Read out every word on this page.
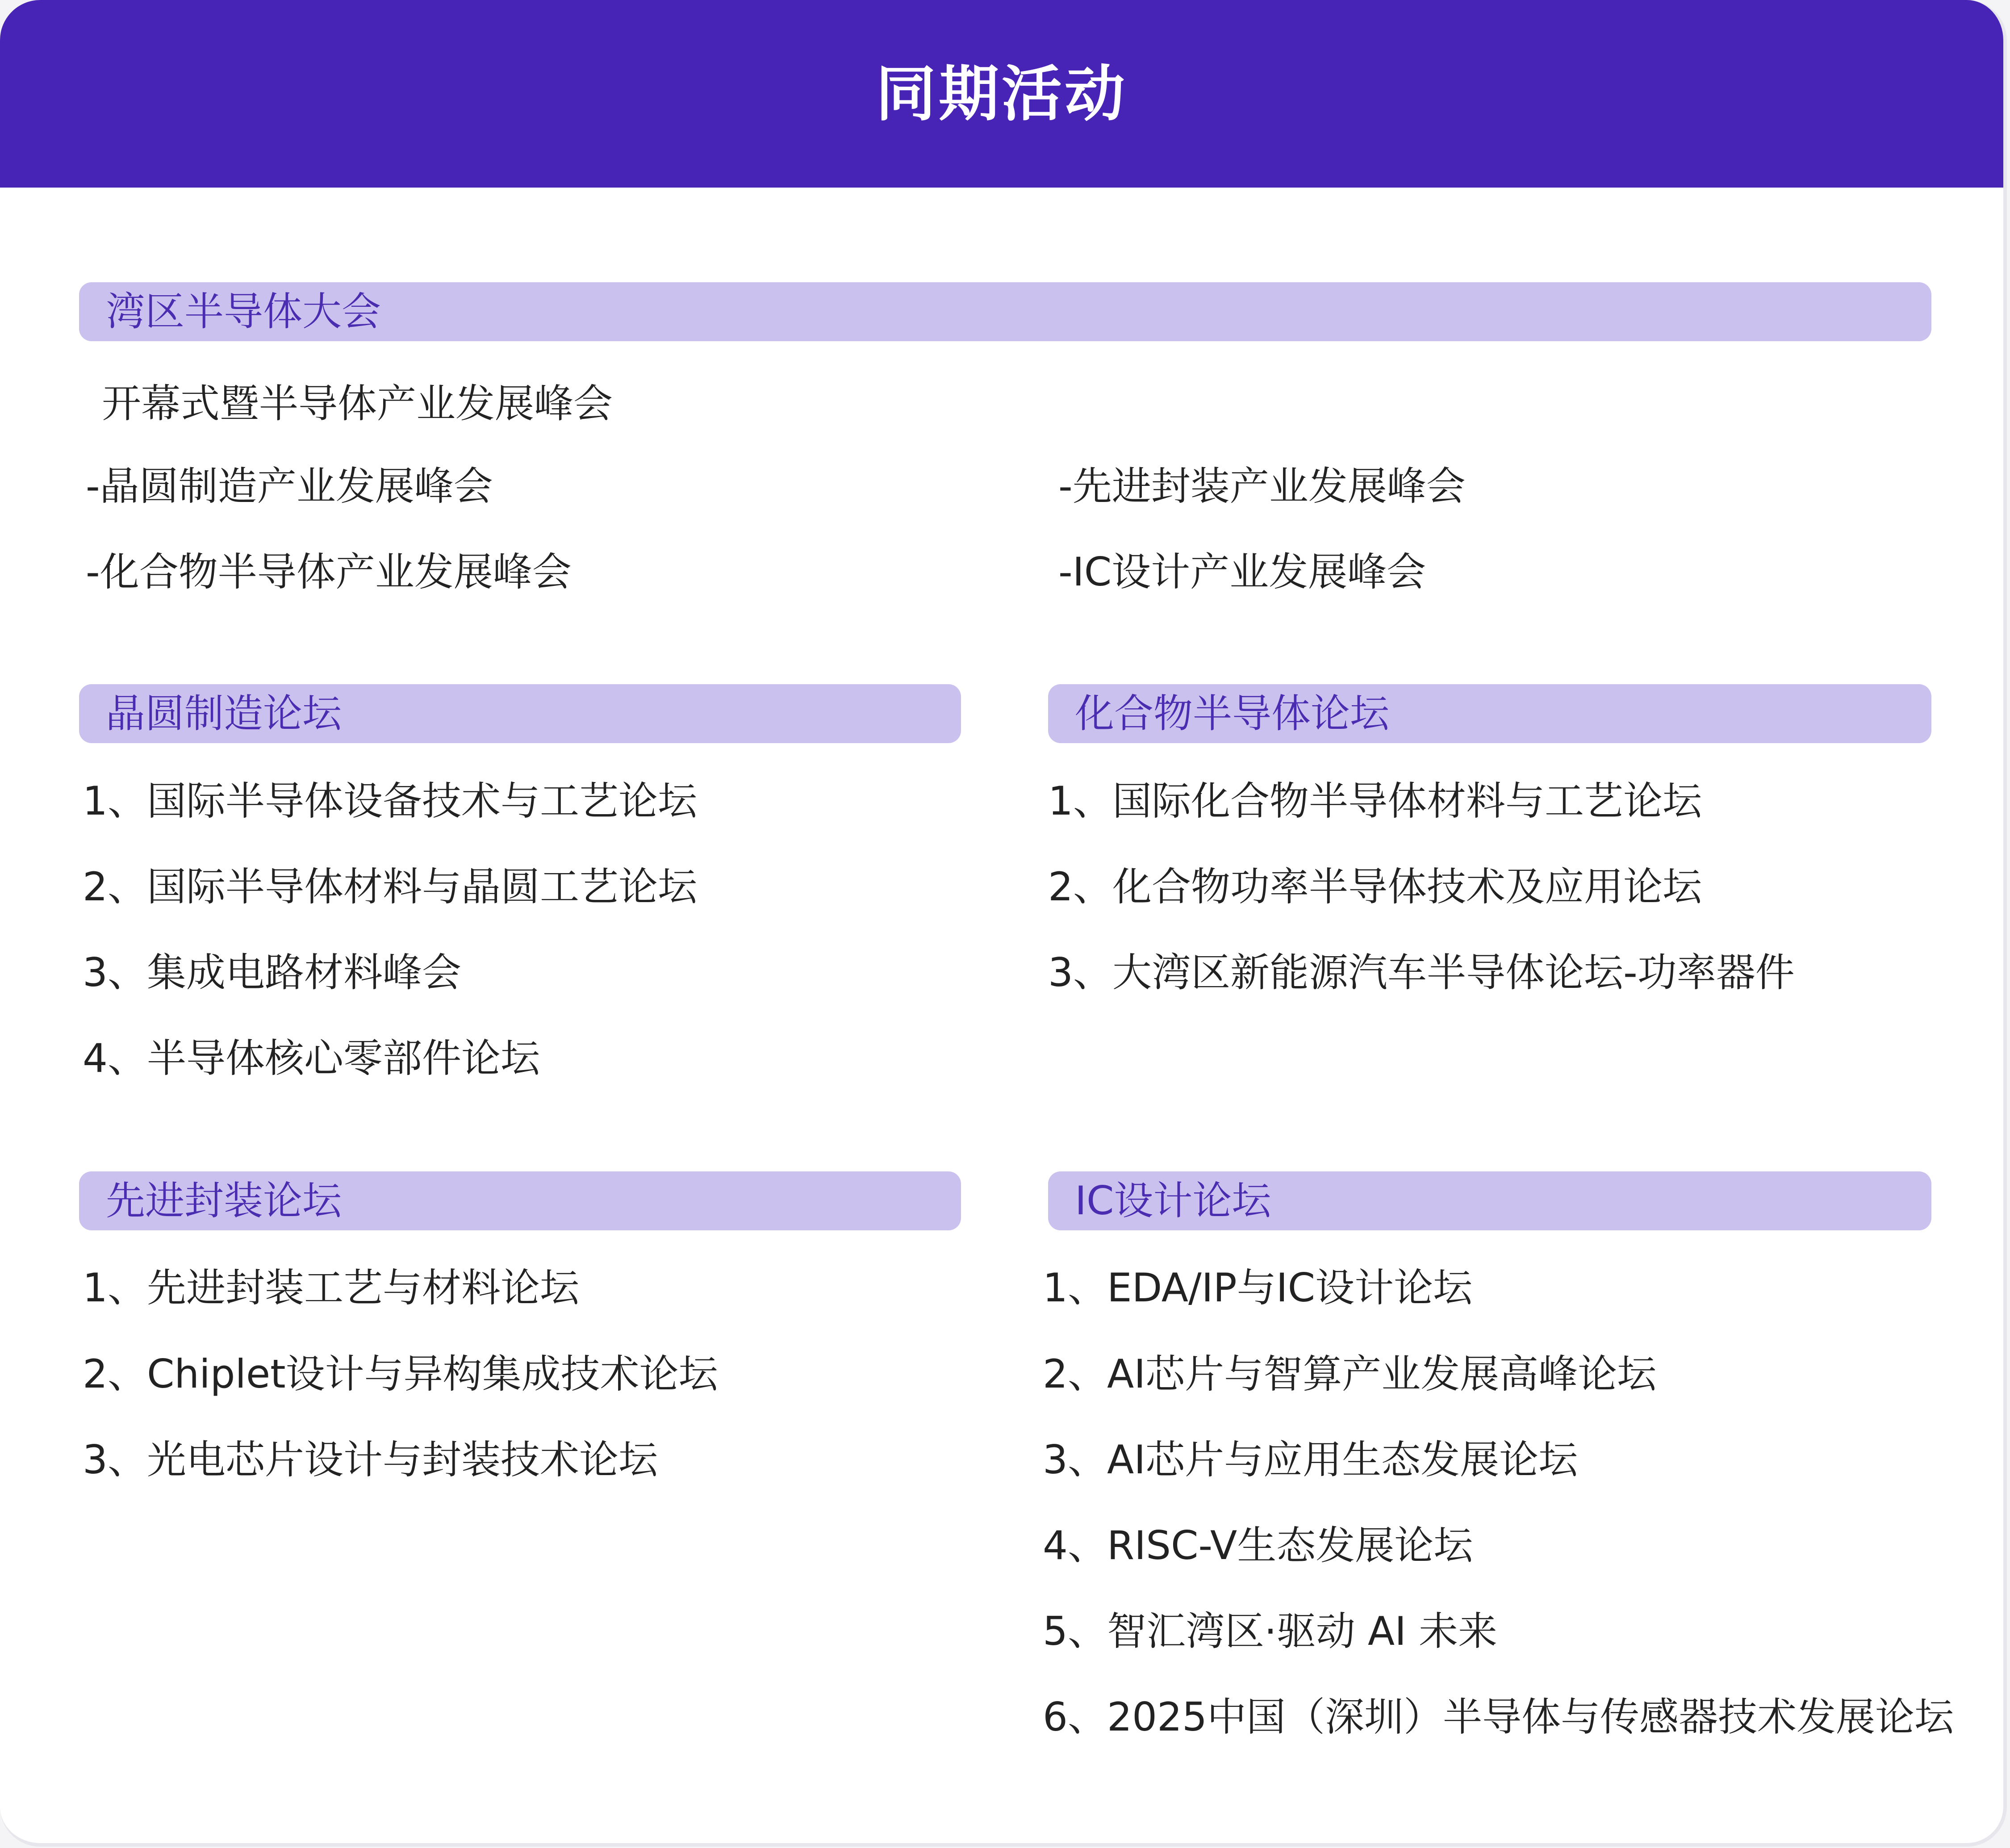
同期活动
湾区半导体大会
开幕式暨半导体产业发展峰会
-晶圆制造产业发展峰会
-化合物半导体产业发展峰会
-先进封装产业发展峰会
-IC设计产业发展峰会
晶圆制造论坛
1、国际半导体设备技术与工艺论坛
2、国际半导体材料与晶圆工艺论坛
3、集成电路材料峰会
4、半导体核心零部件论坛
化合物半导体论坛
1、国际化合物半导体材料与工艺论坛
2、化合物功率半导体技术及应用论坛
3、大湾区新能源汽车半导体论坛-功率器件
先进封装论坛
1、先进封装工艺与材料论坛
2、Chiplet设计与异构集成技术论坛
3、光电芯片设计与封装技术论坛
IC设计论坛
1、EDA/IP与IC设计论坛
2、AI芯片与智算产业发展高峰论坛
3、AI芯片与应用生态发展论坛
4、RISC-V生态发展论坛
5、智汇湾区·驱动 AI 未来
6、2025中国（深圳）半导体与传感器技术发展论坛
